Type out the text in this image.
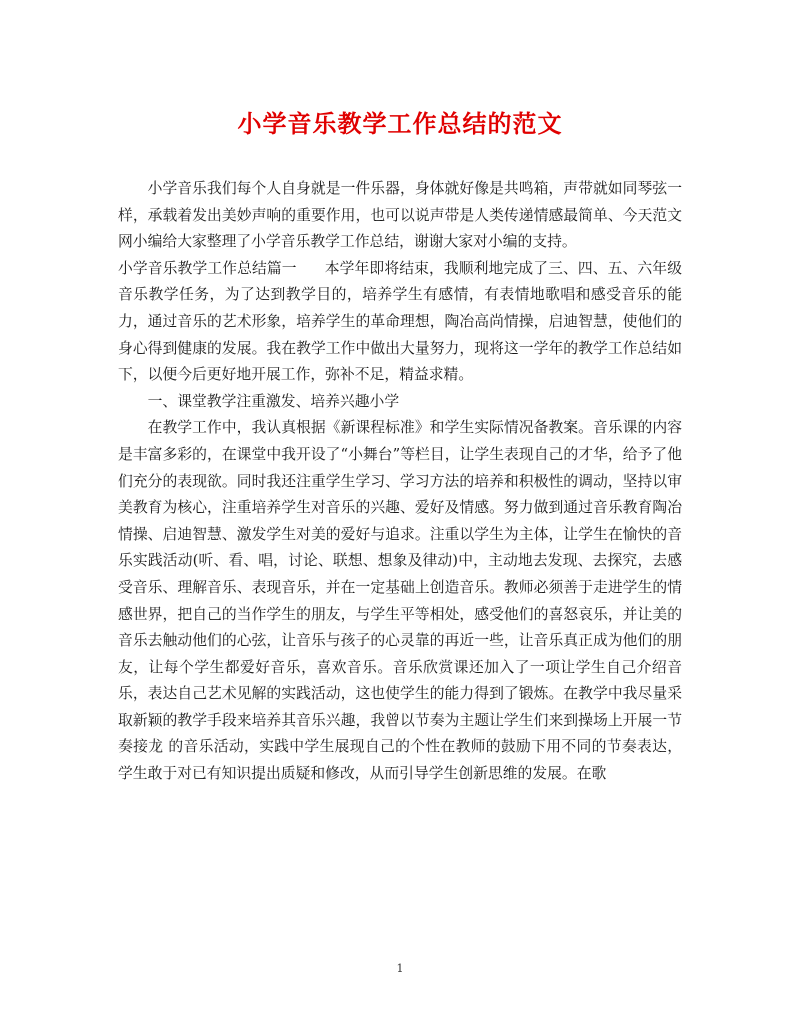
小学音乐教学工作总结的范文

小学音乐我们每个人自身就是一件乐器，身体就好像是共鸣箱，声带就如同琴弦一样，承载着发出美妙声响的重要作用，也可以说声带是人类传递情感最简单、今天范文网小编给大家整理了小学音乐教学工作总结，谢谢大家对小编的支持。

小学音乐教学工作总结篇一 本学年即将结束，我顺利地完成了三、四、五、六年级音乐教学任务，为了达到教学目的，培养学生有感情，有表情地歌唱和感受音乐的能力，通过音乐的艺术形象，培养学生的革命理想，陶冶高尚情操，启迪智慧，使他们的身心得到健康的发展。我在教学工作中做出大量努力，现将这一学年的教学工作总结如下，以便今后更好地开展工作，弥补不足，精益求精。

一、课堂教学注重激发、培养兴趣小学

在教学工作中，我认真根据《新课程标准》和学生实际情况备教案。音乐课的内容是丰富多彩的，在课堂中我开设了“小舞台”等栏目，让学生表现自己的才华，给予了他们充分的表现欲。同时我还注重学生学习、学习方法的培养和积极性的调动，坚持以审美教育为核心，注重培养学生对音乐的兴趣、爱好及情感。努力做到通过音乐教育陶冶情操、启迪智慧、激发学生对美的爱好与追求。注重以学生为主体，让学生在愉快的音乐实践活动(听、看、唱，讨论、联想、想象及律动)中，主动地去发现、去探究，去感受音乐、理解音乐、表现音乐，并在一定基础上创造音乐。教师必须善于走进学生的情感世界，把自己的当作学生的朋友，与学生平等相处，感受他们的喜怒哀乐，并让美的音乐去触动他们的心弦，让音乐与孩子的心灵靠的再近一些，让音乐真正成为他们的朋友，让每个学生都爱好音乐，喜欢音乐。音乐欣赏课还加入了一项让学生自己介绍音乐，表达自己艺术见解的实践活动，这也使学生的能力得到了锻炼。在教学中我尽量采取新颖的教学手段来培养其音乐兴趣，我曾以节奏为主题让学生们来到操场上开展一节奏接龙 的音乐活动，实践中学生展现自己的个性在教师的鼓励下用不同的节奏表达，学生敢于对已有知识提出质疑和修改，从而引导学生创新思维的发展。在歌

1
